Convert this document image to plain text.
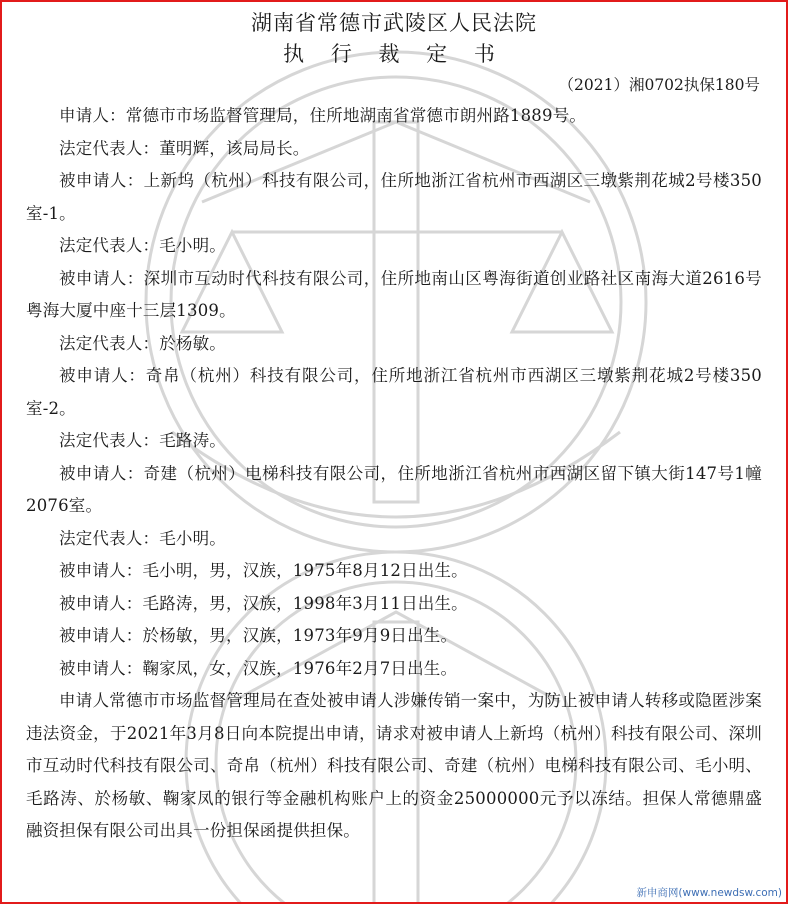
湖南省常德市武陵区人民法院
执 行 裁 定 书
（2021）湘0702执保180号

申请人：常德市市场监督管理局，住所地湖南省常德市朗州路1889号。

法定代表人：董明辉，该局局长。

被申请人：上新坞（杭州）科技有限公司，住所地浙江省杭州市西湖区三墩紫荆花城2号楼350室-1。

法定代表人：毛小明。

被申请人：深圳市互动时代科技有限公司，住所地南山区粤海街道创业路社区南海大道2616号粤海大厦中座十三层1309。

法定代表人：於杨敏。

被申请人：奇帛（杭州）科技有限公司，住所地浙江省杭州市西湖区三墩紫荆花城2号楼350室-2。

法定代表人：毛路涛。

被申请人：奇建（杭州）电梯科技有限公司，住所地浙江省杭州市西湖区留下镇大街147号1幢2076室。

法定代表人：毛小明。

被申请人：毛小明，男，汉族，1975年8月12日出生。

被申请人：毛路涛，男，汉族，1998年3月11日出生。

被申请人：於杨敏，男，汉族，1973年9月9日出生。

被申请人：鞠家凤，女，汉族，1976年2月7日出生。

申请人常德市市场监督管理局在查处被申请人涉嫌传销一案中，为防止被申请人转移或隐匿涉案违法资金，于2021年3月8日向本院提出申请，请求对被申请人上新坞（杭州）科技有限公司、深圳市互动时代科技有限公司、奇帛（杭州）科技有限公司、奇建（杭州）电梯科技有限公司、毛小明、毛路涛、於杨敏、鞠家凤的银行等金融机构账户上的资金25000000元予以冻结。担保人常德鼎盛融资担保有限公司出具一份担保函提供担保。

新申商网(www.newdsw.com)
